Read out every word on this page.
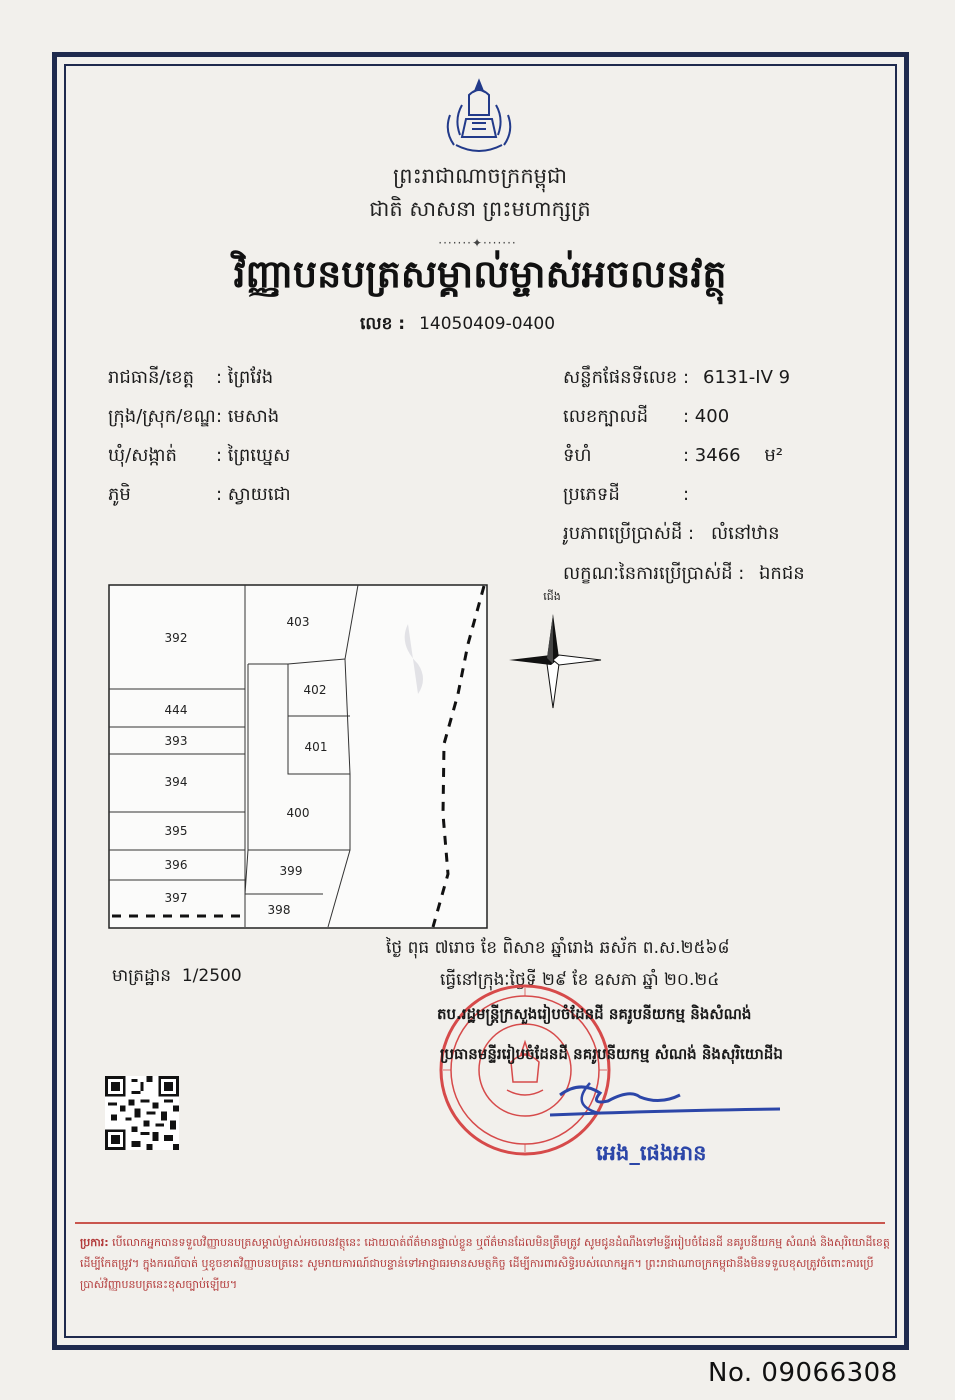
ព្រះរាជាណាចក្រកម្ពុជា
ជាតិ សាសនា ព្រះមហាក្សត្រ
·······✦·······
វិញ្ញាបនបត្រសម្គាល់ម្ចាស់អចលនវត្ថុ
លេខ : 14050409-0400
រាជធានី/ខេត្ត : ព្រៃវែង
ក្រុង/ស្រុក/ខណ្ឌ: មេសាង
ឃុំ/សង្កាត់ : ព្រៃឃ្នេស
ភូមិ	: ស្វាយជោ
សន្លឹកផែនទីលេខ : 6131-IV 9
លេខក្បាលដី : 400
ទំហំ	: 3466 ម²
ប្រភេទដី	:
រូបភាពប្រើប្រាស់ដី : លំនៅឋាន
លក្ខណៈនៃការប្រើប្រាស់ដី : ឯកជន
392
403
402
444
393	401
394
400
395
396	399
397
398
ជើង
ថ្ងៃ ពុធ ៧រោច ខែ ពិសាខ ឆ្នាំរោង ឆស័ក ព.ស.២៥៦៨
ធ្វើនៅក្រុងៈថ្ងៃទី ២៩ ខែ ឧសភា ឆ្នាំ ២០.២៤
មាត្រដ្ឋាន 1/2500
តប.រដ្ឋមន្ត្រីក្រសួងរៀបចំដែនដី នគរូបនីយកម្ម និងសំណង់
ប្រធានមន្ទីររៀបចំដែនដី នគរូបនីយកម្ម សំណង់ និងសុរិយោដីឯ
អេង_ផេងអាន
ប្រការ: បើលោកអ្នកបានទទួលវិញ្ញាបនបត្រសម្គាល់ម្ចាស់អចលនវត្ថុនេះ ដោយបាត់ព័ត៌មានផ្ទាល់ខ្លួន ឬព័ត៌មានដែលមិនត្រឹមត្រូវ សូមជូនដំណឹងទៅមន្ទីររៀបចំដែនដី នគរូបនីយកម្ម សំណង់ និងសុរិយោដីខេត្ត ដើម្បីកែតម្រូវ។ ក្នុងករណីបាត់ ឬខូចខាតវិញ្ញាបនបត្រនេះ សូមរាយការណ៍ជាបន្ទាន់ទៅអាជ្ញាធរមានសមត្ថកិច្ច ដើម្បីការពារសិទ្ធិរបស់លោកអ្នក។ ព្រះរាជាណាចក្រកម្ពុជានឹងមិនទទួលខុសត្រូវចំពោះការប្រើប្រាស់វិញ្ញាបនបត្រនេះខុសច្បាប់ឡើយ។
No. 09066308
